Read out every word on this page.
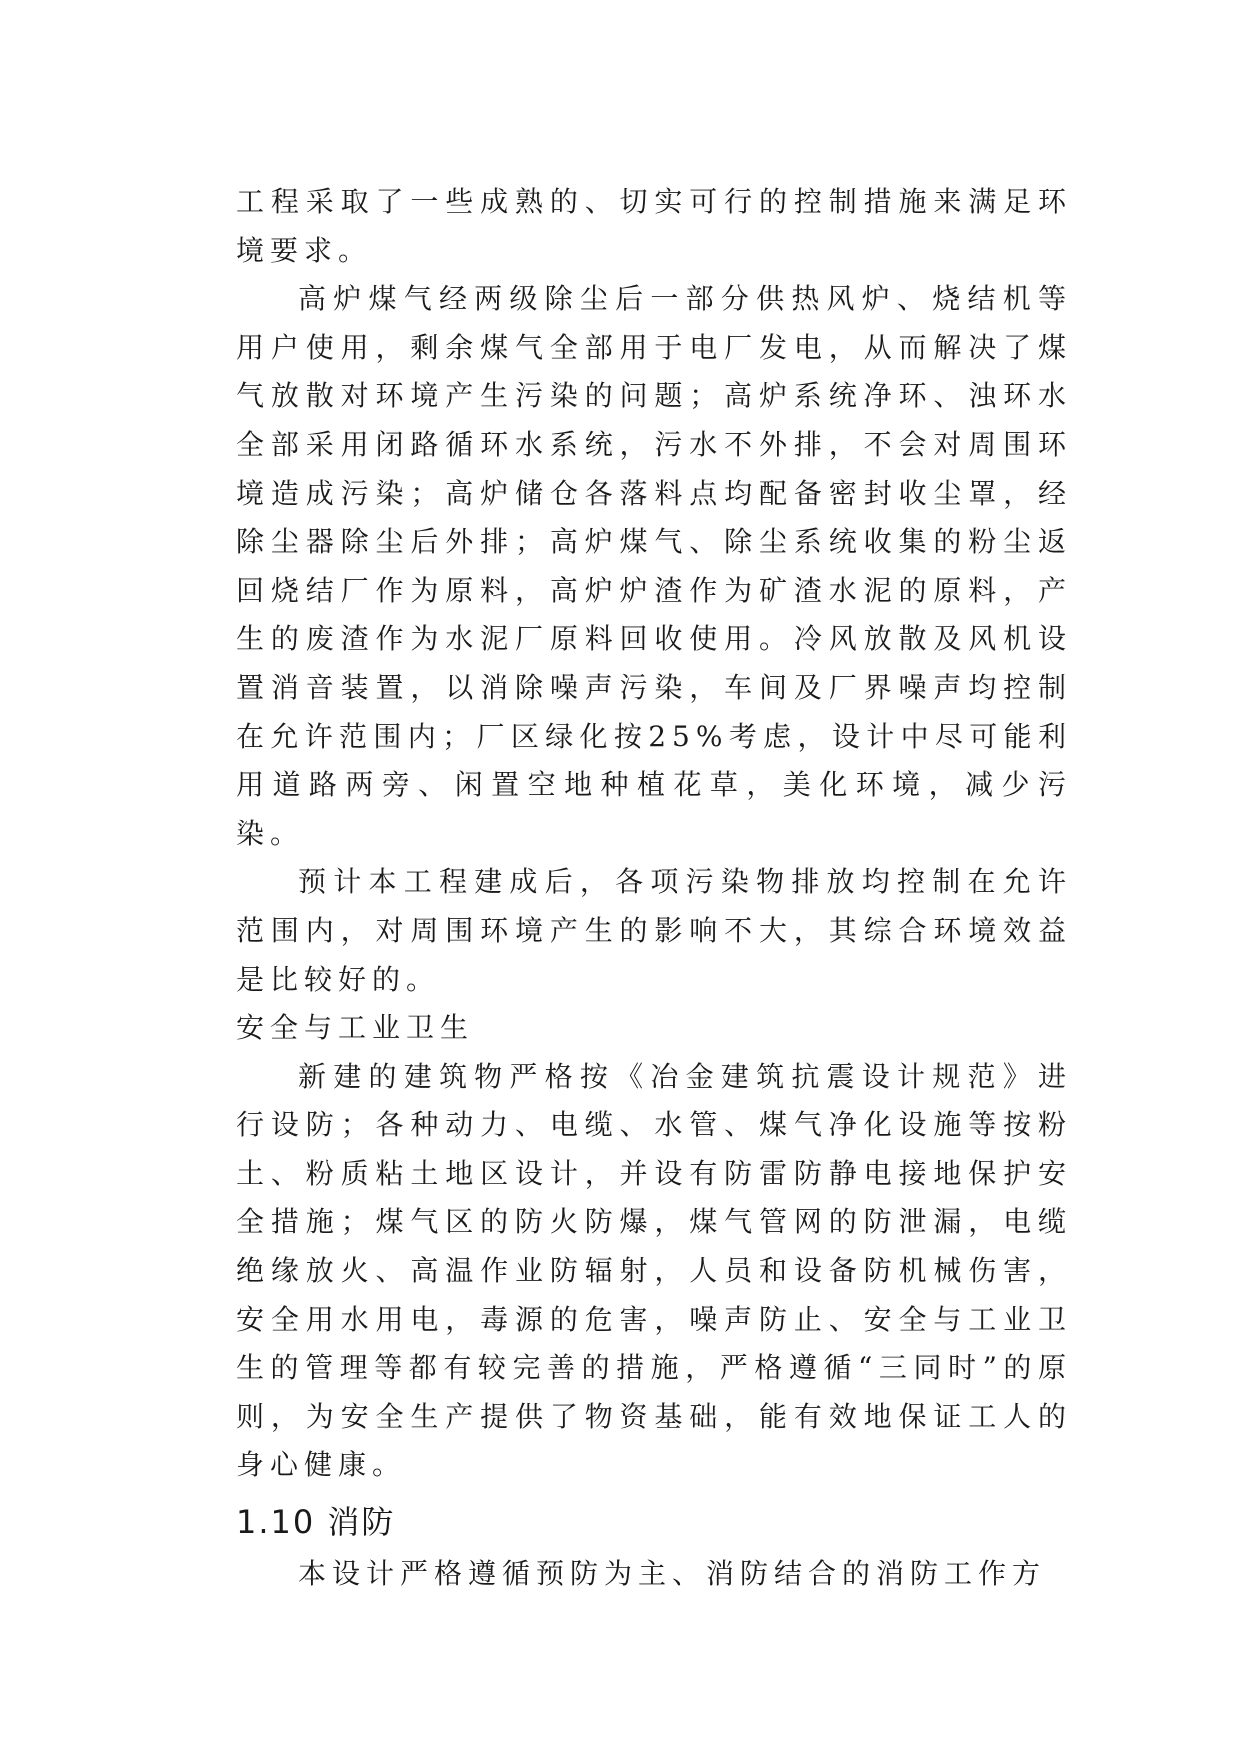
工程采取了一些成熟的、切实可行的控制措施来满足环境要求。

高炉煤气经两级除尘后一部分供热风炉、烧结机等用户使用，剩余煤气全部用于电厂发电，从而解决了煤气放散对环境产生污染的问题；高炉系统净环、浊环水全部采用闭路循环水系统，污水不外排，不会对周围环境造成污染；高炉储仓各落料点均配备密封收尘罩，经除尘器除尘后外排；高炉煤气、除尘系统收集的粉尘返回烧结厂作为原料，高炉炉渣作为矿渣水泥的原料，产生的废渣作为水泥厂原料回收使用。冷风放散及风机设置消音装置，以消除噪声污染，车间及厂界噪声均控制在允许范围内；厂区绿化按25%考虑，设计中尽可能利用道路两旁、闲置空地种植花草，美化环境，减少污染。

预计本工程建成后，各项污染物排放均控制在允许范围内，对周围环境产生的影响不大，其综合环境效益是比较好的。

安全与工业卫生

新建的建筑物严格按《冶金建筑抗震设计规范》进行设防；各种动力、电缆、水管、煤气净化设施等按粉土、粉质粘土地区设计，并设有防雷防静电接地保护安全措施；煤气区的防火防爆，煤气管网的防泄漏，电缆绝缘放火、高温作业防辐射，人员和设备防机械伤害，安全用水用电，毒源的危害，噪声防止、安全与工业卫生的管理等都有较完善的措施，严格遵循“三同时”的原则，为安全生产提供了物资基础，能有效地保证工人的身心健康。

1.10 消防

本设计严格遵循预防为主、消防结合的消防工作方
